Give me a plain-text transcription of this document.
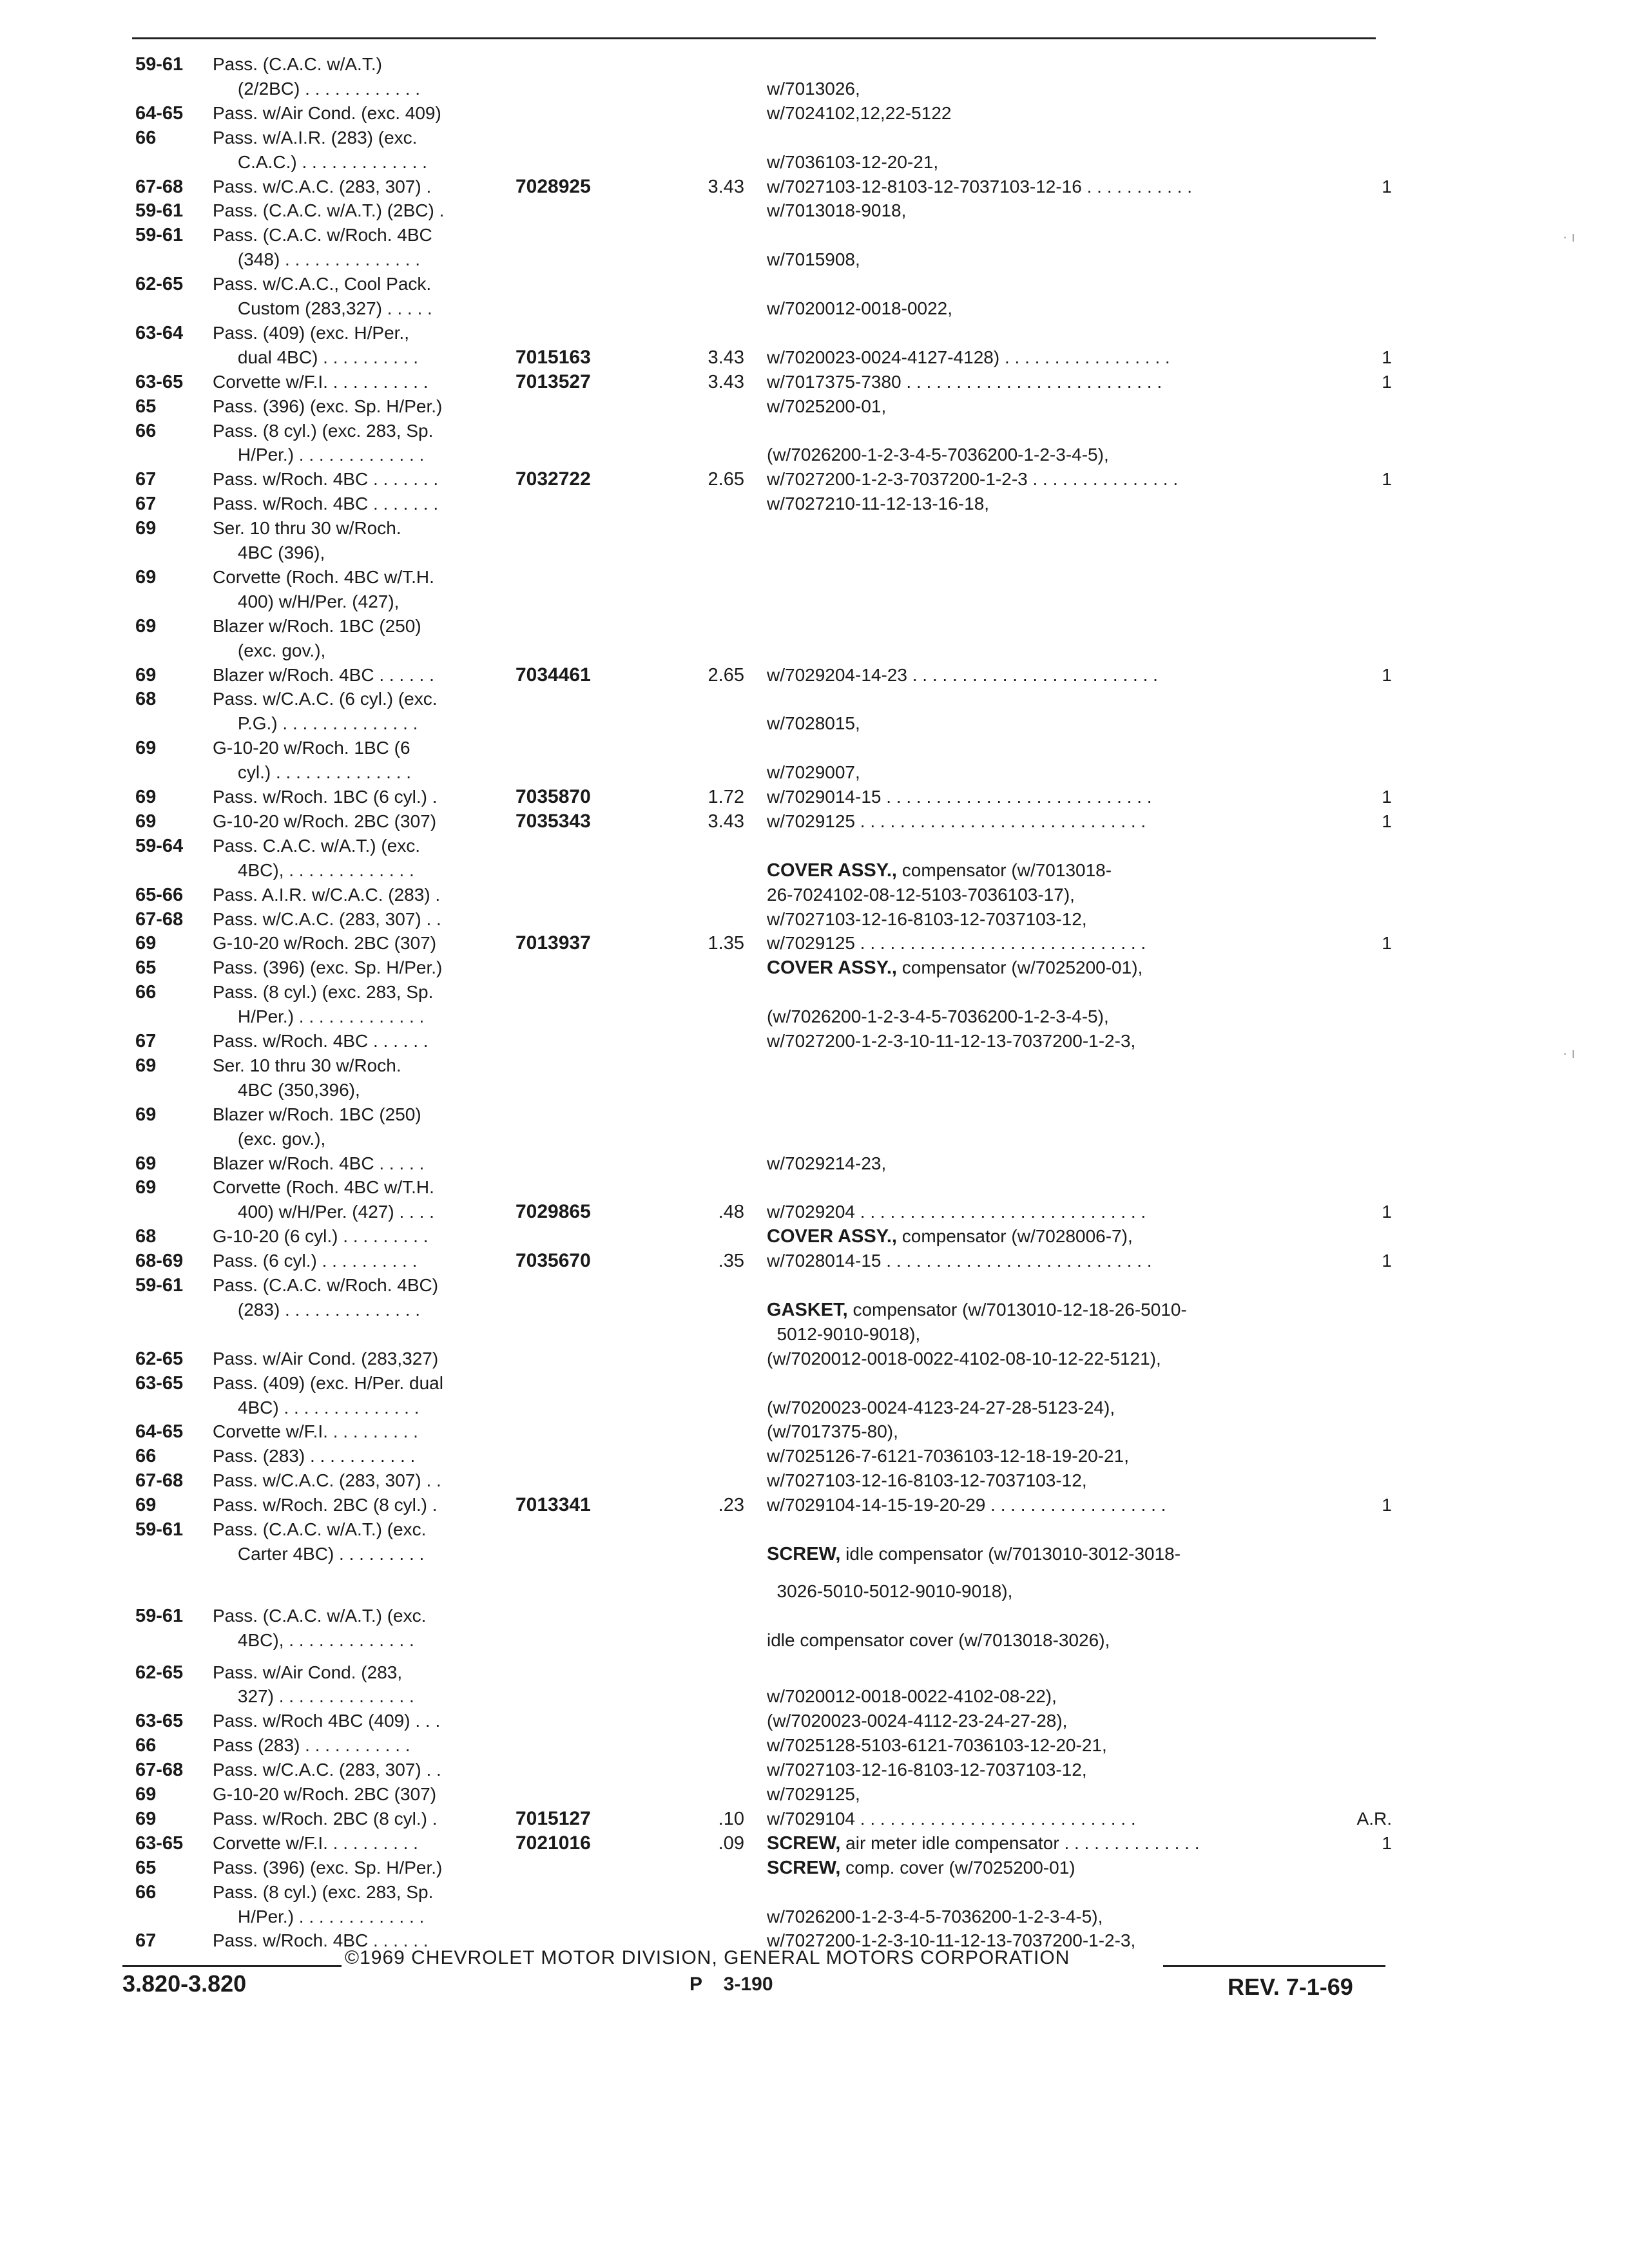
59-61 Pass. (C.A.C. w/A.T.)
(2/2BC) . . . . . . . . . . . .	w/7013026,
64-65 Pass. w/Air Cond. (exc. 409)	w/7024102,12,22-5122
66	Pass. w/A.I.R. (283) (exc.
C.A.C.) . . . . . . . . . . . . .	w/7036103-12-20-21,
67-68 Pass. w/C.A.C. (283, 307) .	7028925	3.43 w/7027103-12-8103-12-7037103-12-16 . . . . . . . . . . .	1
59-61 Pass. (C.A.C. w/A.T.) (2BC) .	w/7013018-9018,
59-61 Pass. (C.A.C. w/Roch. 4BC
(348) . . . . . . . . . . . . . .	w/7015908,
62-65 Pass. w/C.A.C., Cool Pack.
Custom (283,327) . . . . .	w/7020012-0018-0022,
63-64 Pass. (409) (exc. H/Per.,
dual 4BC) . . . . . . . . . .	7015163	3.43 w/7020023-0024-4127-4128) . . . . . . . . . . . . . . . . .	1
63-65 Corvette w/F.I. . . . . . . . . . .	7013527	3.43 w/7017375-7380 . . . . . . . . . . . . . . . . . . . . . . . . . .	1
65	Pass. (396) (exc. Sp. H/Per.)	w/7025200-01,
66	Pass. (8 cyl.) (exc. 283, Sp.
H/Per.) . . . . . . . . . . . . .	(w/7026200-1-2-3-4-5-7036200-1-2-3-4-5),
67	Pass. w/Roch. 4BC . . . . . . .	7032722	2.65 w/7027200-1-2-3-7037200-1-2-3 . . . . . . . . . . . . . . .	1
67	Pass. w/Roch. 4BC . . . . . . .	w/7027210-11-12-13-16-18,
69	Ser. 10 thru 30 w/Roch.
4BC (396),
69	Corvette (Roch. 4BC w/T.H.
400) w/H/Per. (427),
69	Blazer w/Roch. 1BC (250)
(exc. gov.),
69	Blazer w/Roch. 4BC . . . . . .	7034461	2.65 w/7029204-14-23 . . . . . . . . . . . . . . . . . . . . . . . . .	1
68	Pass. w/C.A.C. (6 cyl.) (exc.
P.G.) . . . . . . . . . . . . . .	w/7028015,
69	G-10-20 w/Roch. 1BC (6
cyl.) . . . . . . . . . . . . . .	w/7029007,
69	Pass. w/Roch. 1BC (6 cyl.) .	7035870	1.72 w/7029014-15 . . . . . . . . . . . . . . . . . . . . . . . . . . .	1
69	G-10-20 w/Roch. 2BC (307)	7035343	3.43 w/7029125 . . . . . . . . . . . . . . . . . . . . . . . . . . . . .	1
59-64 Pass. C.A.C. w/A.T.) (exc.
4BC), . . . . . . . . . . . . .	COVER ASSY., compensator (w/7013018-
65-66 Pass. A.I.R. w/C.A.C. (283) .	26-7024102-08-12-5103-7036103-17),
67-68 Pass. w/C.A.C. (283, 307) . .	w/7027103-12-16-8103-12-7037103-12,
69	G-10-20 w/Roch. 2BC (307)	7013937	1.35 w/7029125 . . . . . . . . . . . . . . . . . . . . . . . . . . . . .	1
65	Pass. (396) (exc. Sp. H/Per.)	COVER ASSY., compensator (w/7025200-01),
66	Pass. (8 cyl.) (exc. 283, Sp.
H/Per.) . . . . . . . . . . . . .	(w/7026200-1-2-3-4-5-7036200-1-2-3-4-5),
67	Pass. w/Roch. 4BC . . . . . .	w/7027200-1-2-3-10-11-12-13-7037200-1-2-3,
69	Ser. 10 thru 30 w/Roch.
4BC (350,396),
69	Blazer w/Roch. 1BC (250)
(exc. gov.),
69	Blazer w/Roch. 4BC . . . . .	w/7029214-23,
69	Corvette (Roch. 4BC w/T.H.
400) w/H/Per. (427) . . . .	7029865	.48 w/7029204 . . . . . . . . . . . . . . . . . . . . . . . . . . . . .	1
68	G-10-20 (6 cyl.) . . . . . . . . .	COVER ASSY., compensator (w/7028006-7),
68-69 Pass. (6 cyl.) . . . . . . . . . .	7035670	.35 w/7028014-15 . . . . . . . . . . . . . . . . . . . . . . . . . . .	1
59-61 Pass. (C.A.C. w/Roch. 4BC)
(283) . . . . . . . . . . . . . .	GASKET, compensator (w/7013010-12-18-26-5010-
5012-9010-9018),
62-65 Pass. w/Air Cond. (283,327)	(w/7020012-0018-0022-4102-08-10-12-22-5121),
63-65 Pass. (409) (exc. H/Per. dual
4BC) . . . . . . . . . . . . . .	(w/7020023-0024-4123-24-27-28-5123-24),
64-65 Corvette w/F.I. . . . . . . . . .	(w/7017375-80),
66	Pass. (283) . . . . . . . . . . .	w/7025126-7-6121-7036103-12-18-19-20-21,
67-68 Pass. w/C.A.C. (283, 307) . .	w/7027103-12-16-8103-12-7037103-12,
69	Pass. w/Roch. 2BC (8 cyl.) .	7013341	.23 w/7029104-14-15-19-20-29 . . . . . . . . . . . . . . . . . .	1
59-61 Pass. (C.A.C. w/A.T.) (exc.
Carter 4BC) . . . . . . . . .	SCREW, idle compensator (w/7013010-3012-3018-
3026-5010-5012-9010-9018),
59-61 Pass. (C.A.C. w/A.T.) (exc.
4BC), . . . . . . . . . . . . .	idle compensator cover (w/7013018-3026),
62-65 Pass. w/Air Cond. (283,
327) . . . . . . . . . . . . . .	w/7020012-0018-0022-4102-08-22),
63-65 Pass. w/Roch 4BC (409) . . .	(w/7020023-0024-4112-23-24-27-28),
66	Pass (283) . . . . . . . . . . .	w/7025128-5103-6121-7036103-12-20-21,
67-68 Pass. w/C.A.C. (283, 307) . .	w/7027103-12-16-8103-12-7037103-12,
69	G-10-20 w/Roch. 2BC (307)	w/7029125,
69	Pass. w/Roch. 2BC (8 cyl.) .	7015127	.10 w/7029104 . . . . . . . . . . . . . . . . . . . . . . . . . . . .	A.R.
63-65 Corvette w/F.I. . . . . . . . . .	7021016	.09 SCREW, air meter idle compensator . . . . . . . . . . . . . .	1
65	Pass. (396) (exc. Sp. H/Per.)	SCREW, comp. cover (w/7025200-01)
66	Pass. (8 cyl.) (exc. 283, Sp.
H/Per.) . . . . . . . . . . . . .	w/7026200-1-2-3-4-5-7036200-1-2-3-4-5),
67	Pass. w/Roch. 4BC . . . . . .	w/7027200-1-2-3-10-11-12-13-7037200-1-2-3,
· ı
· ı
©1969 CHEVROLET MOTOR DIVISION, GENERAL MOTORS CORPORATION
3.820-3.820	P    3-190	REV. 7-1-69
